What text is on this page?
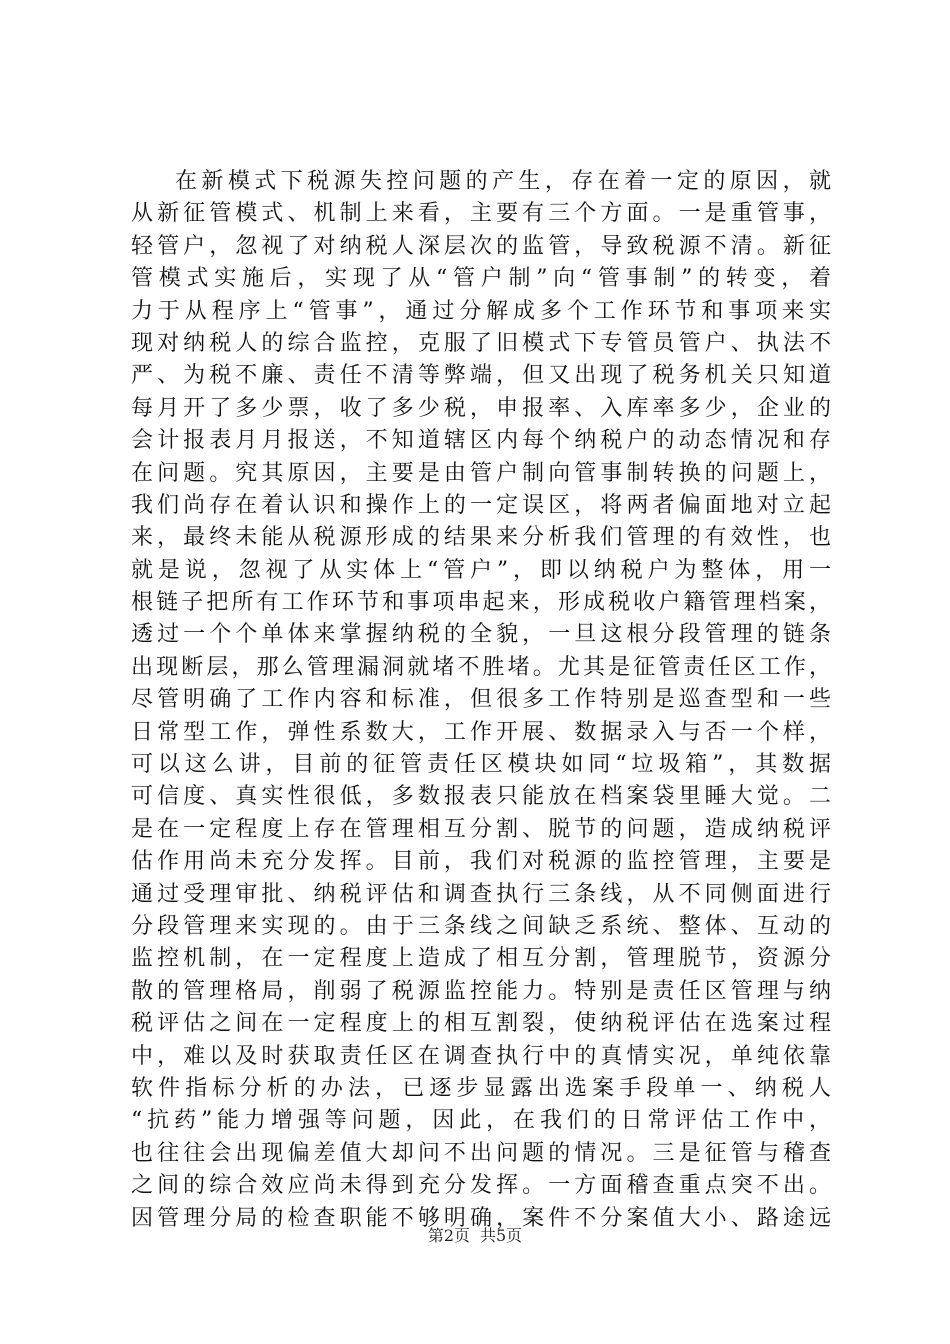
在新模式下税源失控问题的产生，存在着一定的原因，就
从新征管模式、机制上来看，主要有三个方面。一是重管事，
轻管户，忽视了对纳税人深层次的监管，导致税源不清。新征
管模式实施后，实现了从“管户制”向“管事制”的转变，着
力于从程序上“管事”，通过分解成多个工作环节和事项来实
现对纳税人的综合监控，克服了旧模式下专管员管户、执法不
严、为税不廉、责任不清等弊端，但又出现了税务机关只知道
每月开了多少票，收了多少税，申报率、入库率多少，企业的
会计报表月月报送，不知道辖区内每个纳税户的动态情况和存
在问题。究其原因，主要是由管户制向管事制转换的问题上，
我们尚存在着认识和操作上的一定误区，将两者偏面地对立起
来，最终未能从税源形成的结果来分析我们管理的有效性，也
就是说，忽视了从实体上“管户”，即以纳税户为整体，用一
根链子把所有工作环节和事项串起来，形成税收户籍管理档案，
透过一个个单体来掌握纳税的全貌，一旦这根分段管理的链条
出现断层，那么管理漏洞就堵不胜堵。尤其是征管责任区工作，
尽管明确了工作内容和标准，但很多工作特别是巡查型和一些
日常型工作，弹性系数大，工作开展、数据录入与否一个样，
可以这么讲，目前的征管责任区模块如同“垃圾箱”，其数据
可信度、真实性很低，多数报表只能放在档案袋里睡大觉。二
是在一定程度上存在管理相互分割、脱节的问题，造成纳税评
估作用尚未充分发挥。目前，我们对税源的监控管理，主要是
通过受理审批、纳税评估和调查执行三条线，从不同侧面进行
分段管理来实现的。由于三条线之间缺乏系统、整体、互动的
监控机制，在一定程度上造成了相互分割，管理脱节，资源分
散的管理格局，削弱了税源监控能力。特别是责任区管理与纳
税评估之间在一定程度上的相互割裂，使纳税评估在选案过程
中，难以及时获取责任区在调查执行中的真情实况，单纯依靠
软件指标分析的办法，已逐步显露出选案手段单一、纳税人
“抗药”能力增强等问题，因此，在我们的日常评估工作中，
也往往会出现偏差值大却问不出问题的情况。三是征管与稽查
之间的综合效应尚未得到充分发挥。一方面稽查重点突不出。
因管理分局的检查职能不够明确，案件不分案值大小、路途远
第2页 共5页
